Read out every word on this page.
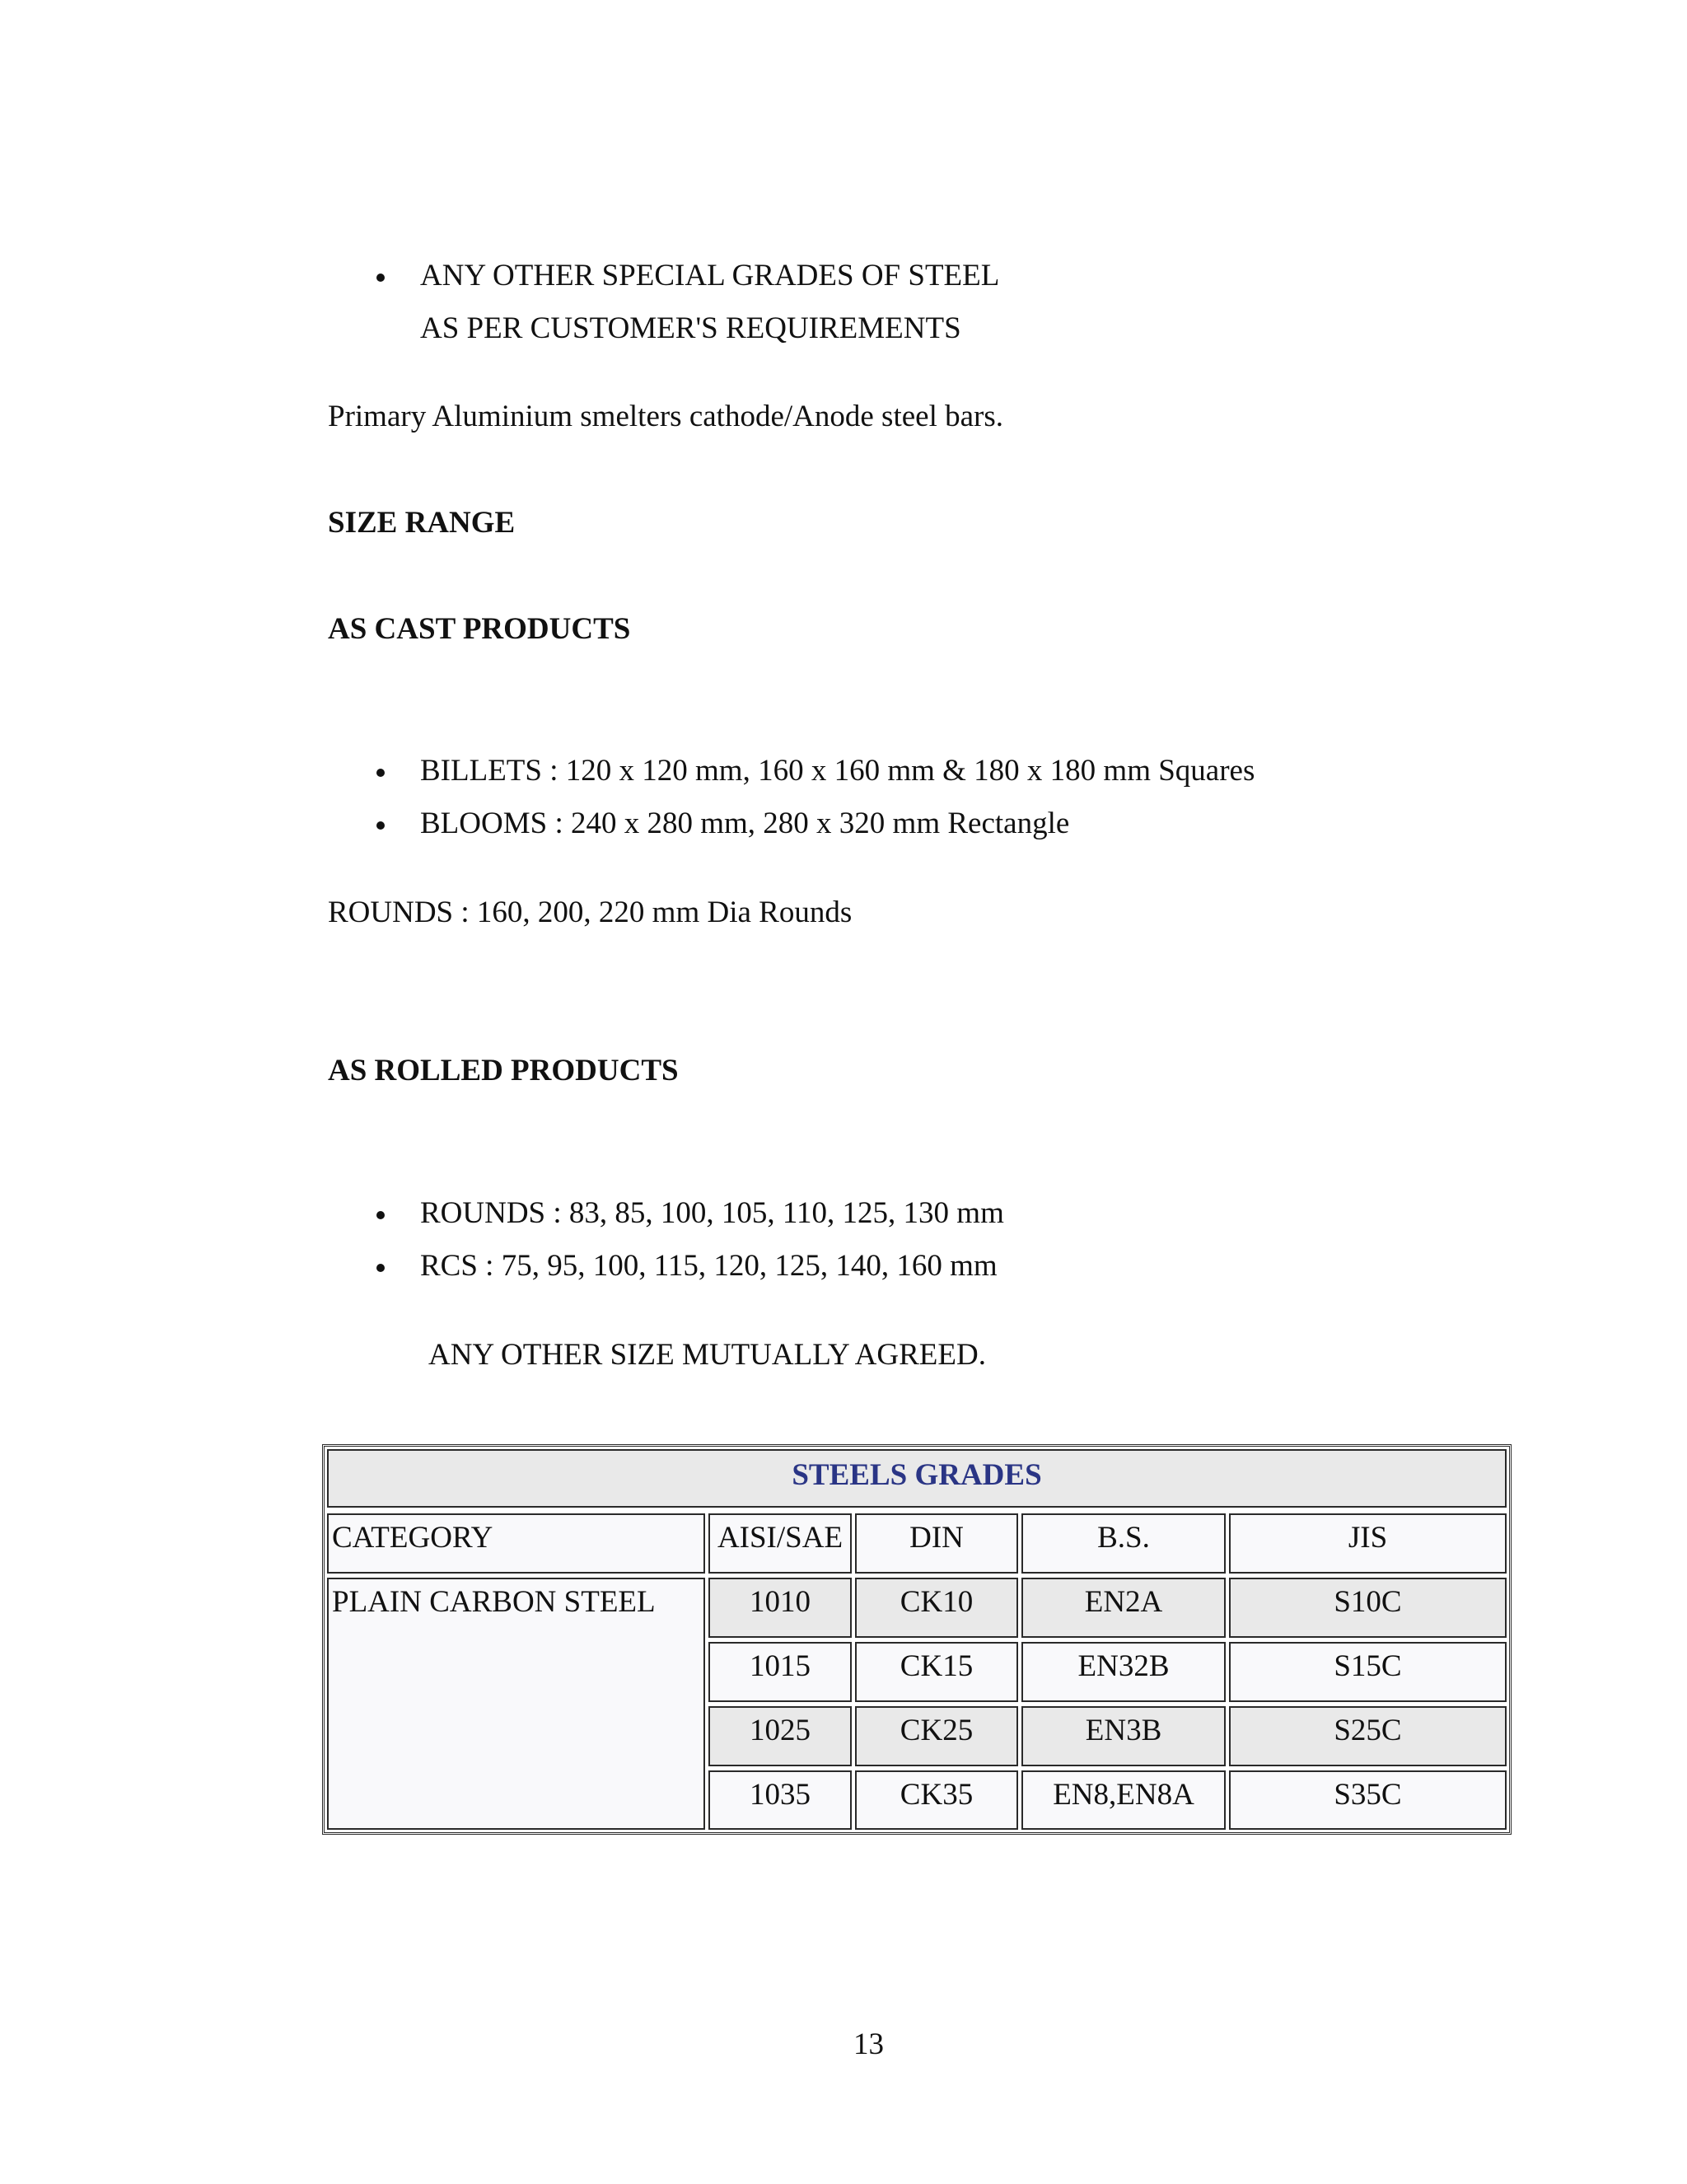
ANY OTHER SPECIAL GRADES OF STEEL
AS PER CUSTOMER'S REQUIREMENTS
Primary Aluminium smelters cathode/Anode steel bars.
SIZE RANGE
AS CAST PRODUCTS
BILLETS : 120 x 120 mm, 160 x 160 mm & 180 x 180 mm Squares
BLOOMS : 240 x 280 mm, 280 x 320 mm Rectangle
ROUNDS : 160, 200, 220 mm Dia Rounds
AS ROLLED PRODUCTS
ROUNDS : 83, 85, 100, 105, 110, 125, 130 mm
RCS : 75, 95, 100, 115, 120, 125, 140, 160 mm
ANY OTHER SIZE MUTUALLY AGREED.
STEELS GRADES
CATEGORY	AISI/SAE	DIN	B.S.	JIS
PLAIN CARBON STEEL	1010	CK10	EN2A	S10C
1015	CK15	EN32B	S15C
1025	CK25	EN3B	S25C
1035	CK35	EN8,EN8A	S35C
13
